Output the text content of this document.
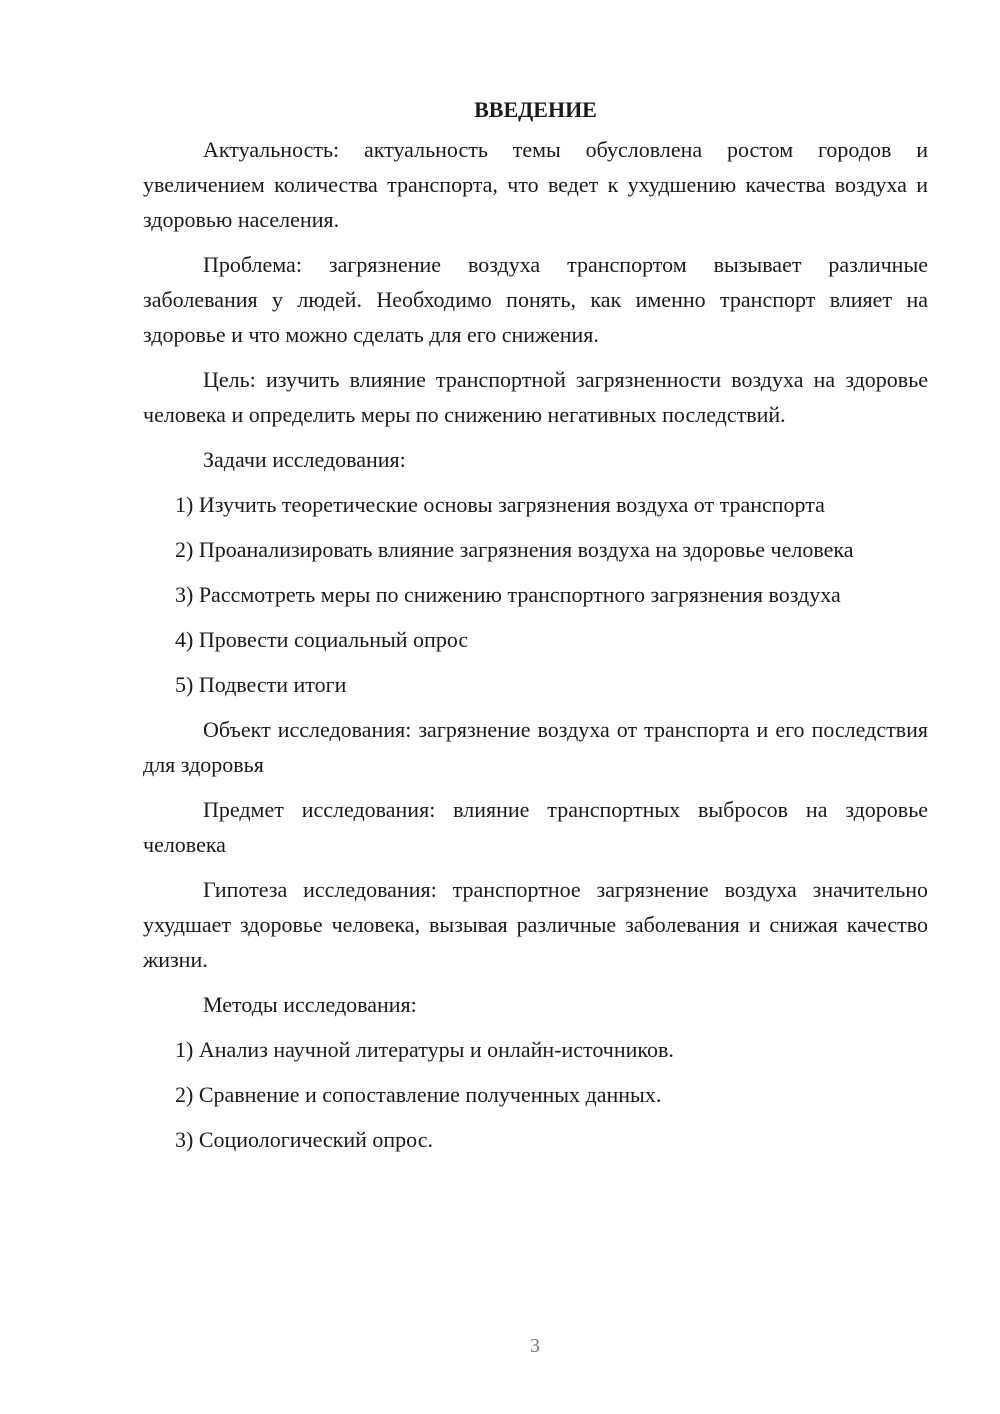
ВВЕДЕНИЕ

Актуальность: актуальность темы обусловлена ростом городов и увеличением количества транспорта, что ведет к ухудшению качества воздуха и здоровью населения.

Проблема: загрязнение воздуха транспортом вызывает различные заболевания у людей. Необходимо понять, как именно транспорт влияет на здоровье и что можно сделать для его снижения.

Цель: изучить влияние транспортной загрязненности воздуха на здоровье человека и определить меры по снижению негативных последствий.

Задачи исследования:

1) Изучить теоретические основы загрязнения воздуха от транспорта

2) Проанализировать влияние загрязнения воздуха на здоровье человека

3) Рассмотреть меры по снижению транспортного загрязнения воздуха

4) Провести социальный опрос

5) Подвести итоги

Объект исследования: загрязнение воздуха от транспорта и его последствия для здоровья

Предмет исследования: влияние транспортных выбросов на здоровье человека

Гипотеза исследования: транспортное загрязнение воздуха значительно ухудшает здоровье человека, вызывая различные заболевания и снижая качество жизни.

Методы исследования:

1) Анализ научной литературы и онлайн-источников.

2) Сравнение и сопоставление полученных данных.

3) Социологический опрос.

3
